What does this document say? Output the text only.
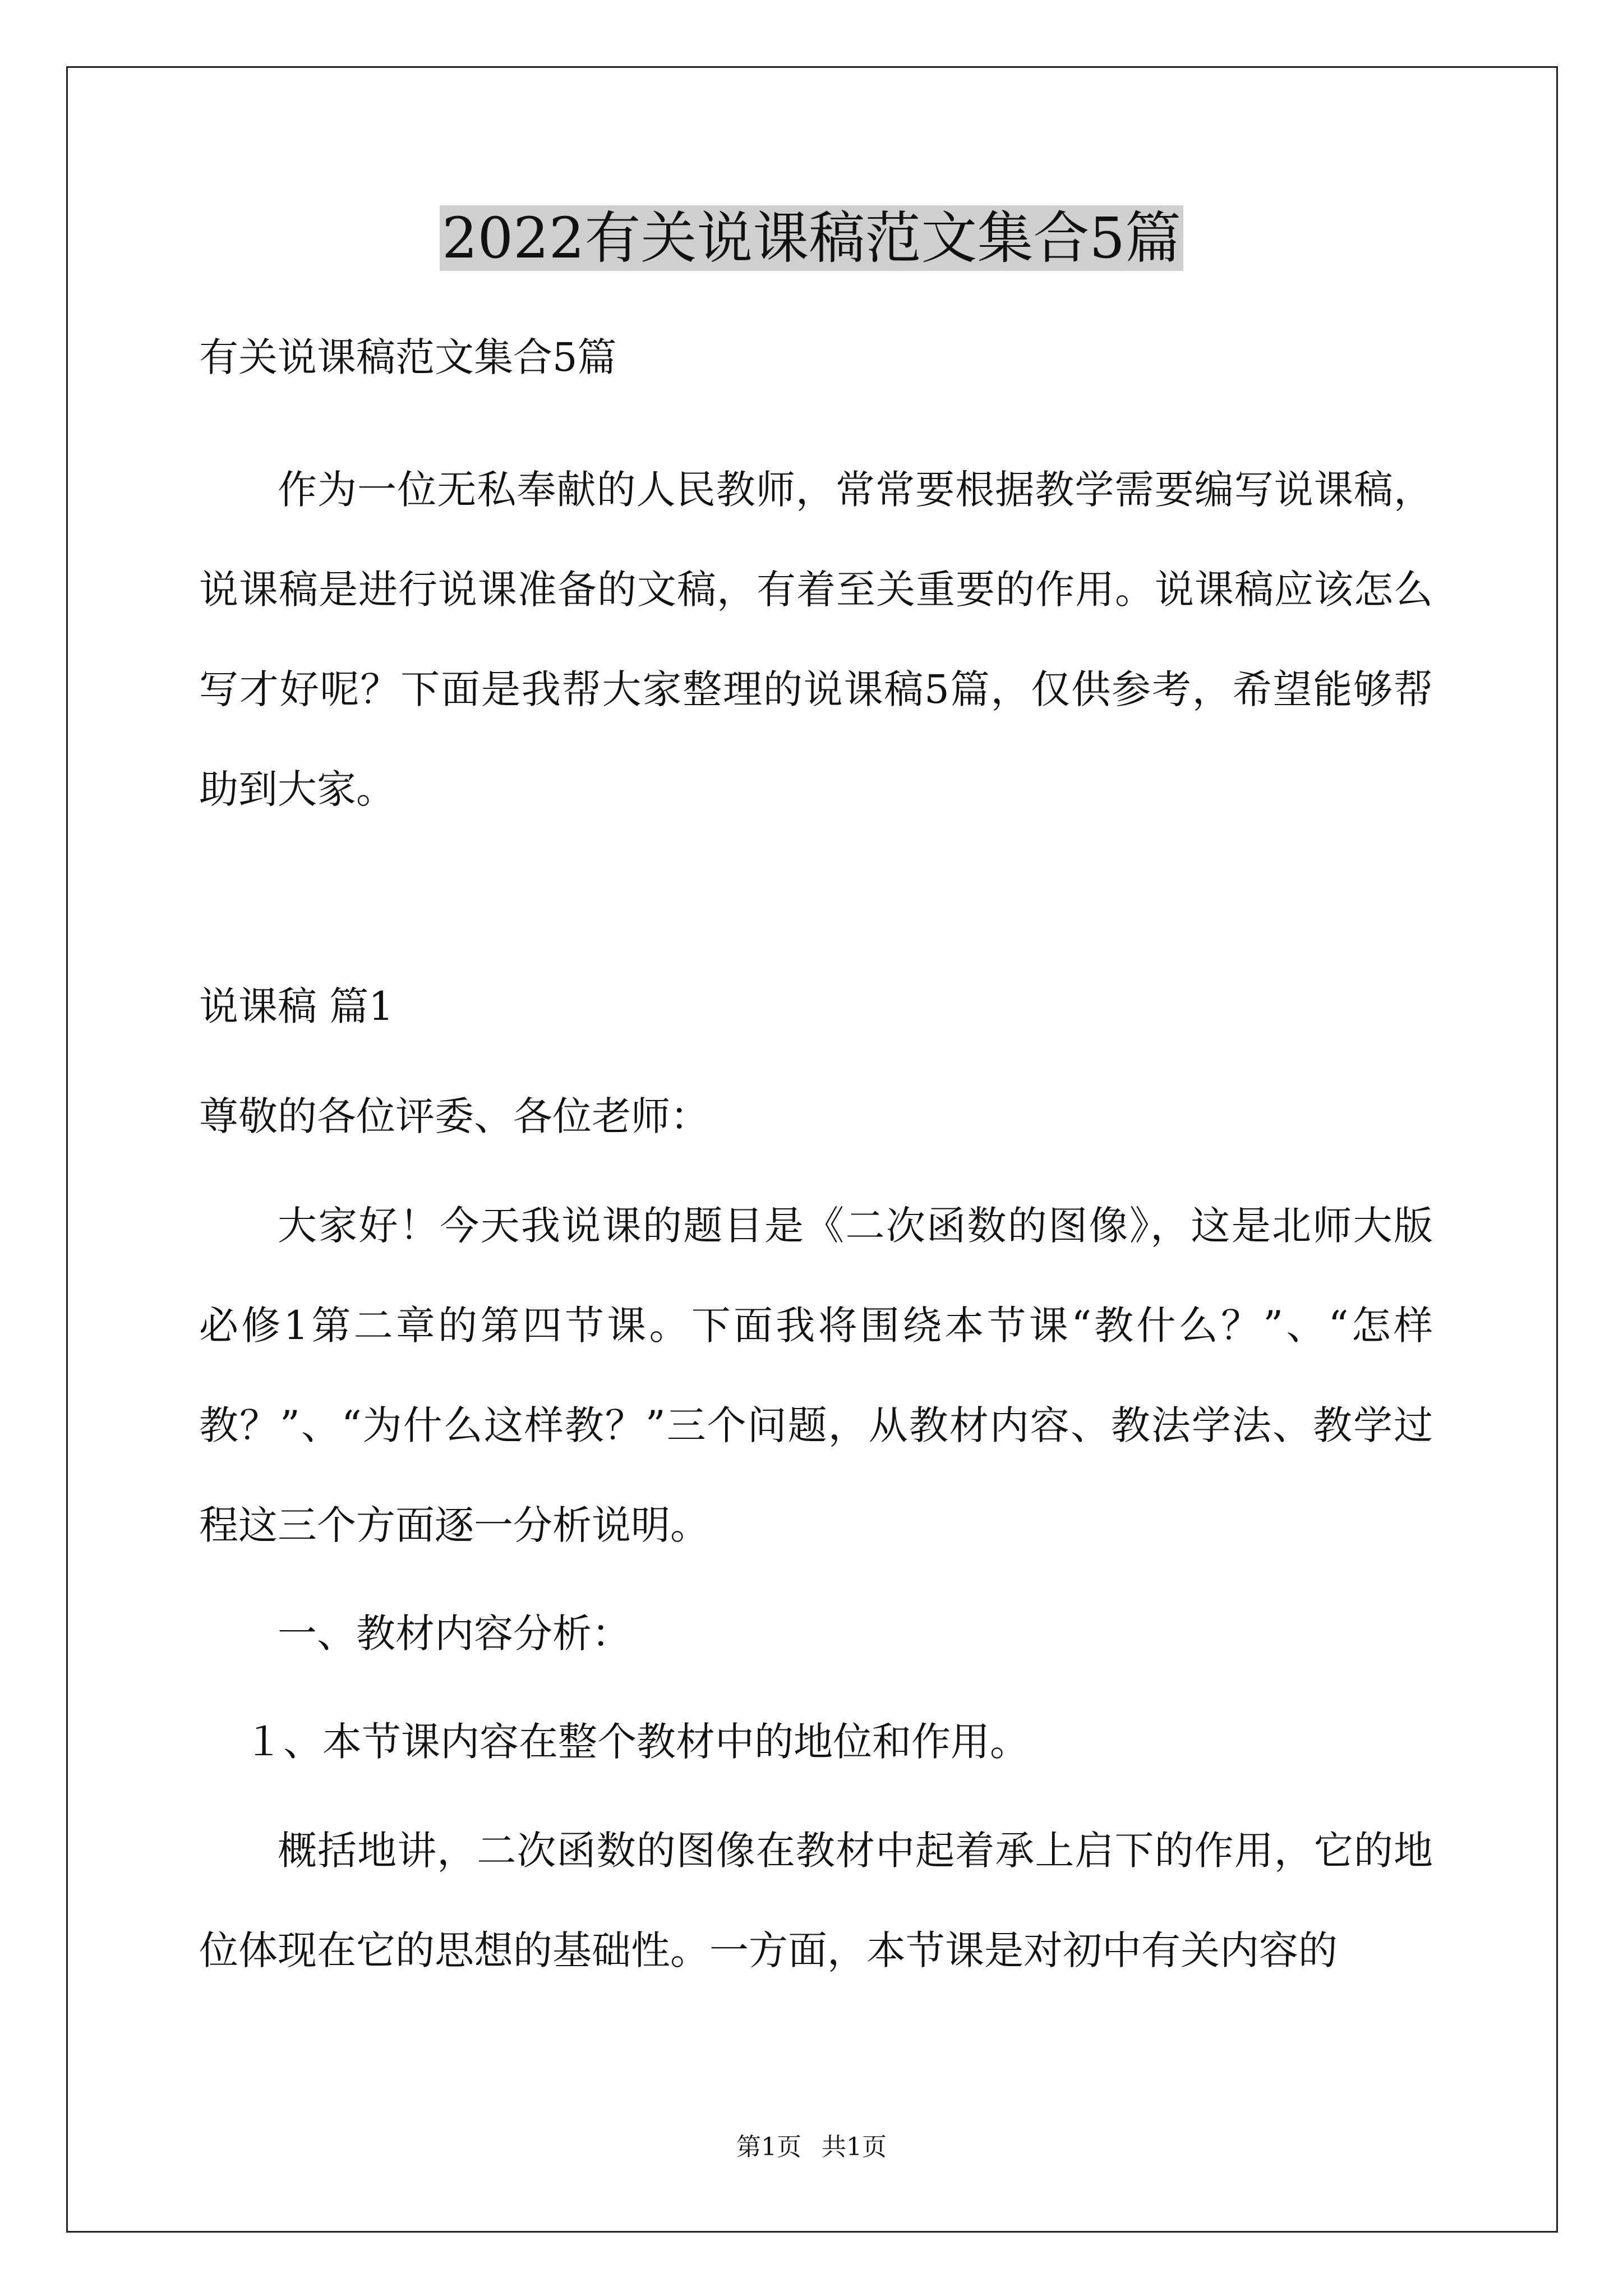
2022有关说课稿范文集合5篇

有关说课稿范文集合5篇

作为一位无私奉献的人民教师，常常要根据教学需要编写说课稿，说课稿是进行说课准备的文稿，有着至关重要的作用。说课稿应该怎么写才好呢？下面是我帮大家整理的说课稿5篇，仅供参考，希望能够帮助到大家。

说课稿 篇1

尊敬的各位评委、各位老师：

大家好！今天我说课的题目是《二次函数的图像》，这是北师大版必修1第二章的第四节课。下面我将围绕本节课“教什么？”、“怎样教？”、“为什么这样教？”三个问题，从教材内容、教法学法、教学过程这三个方面逐一分析说明。

一、教材内容分析：

１、本节课内容在整个教材中的地位和作用。

概括地讲，二次函数的图像在教材中起着承上启下的作用，它的地位体现在它的思想的基础性。一方面，本节课是对初中有关内容的

第1页 共1页
